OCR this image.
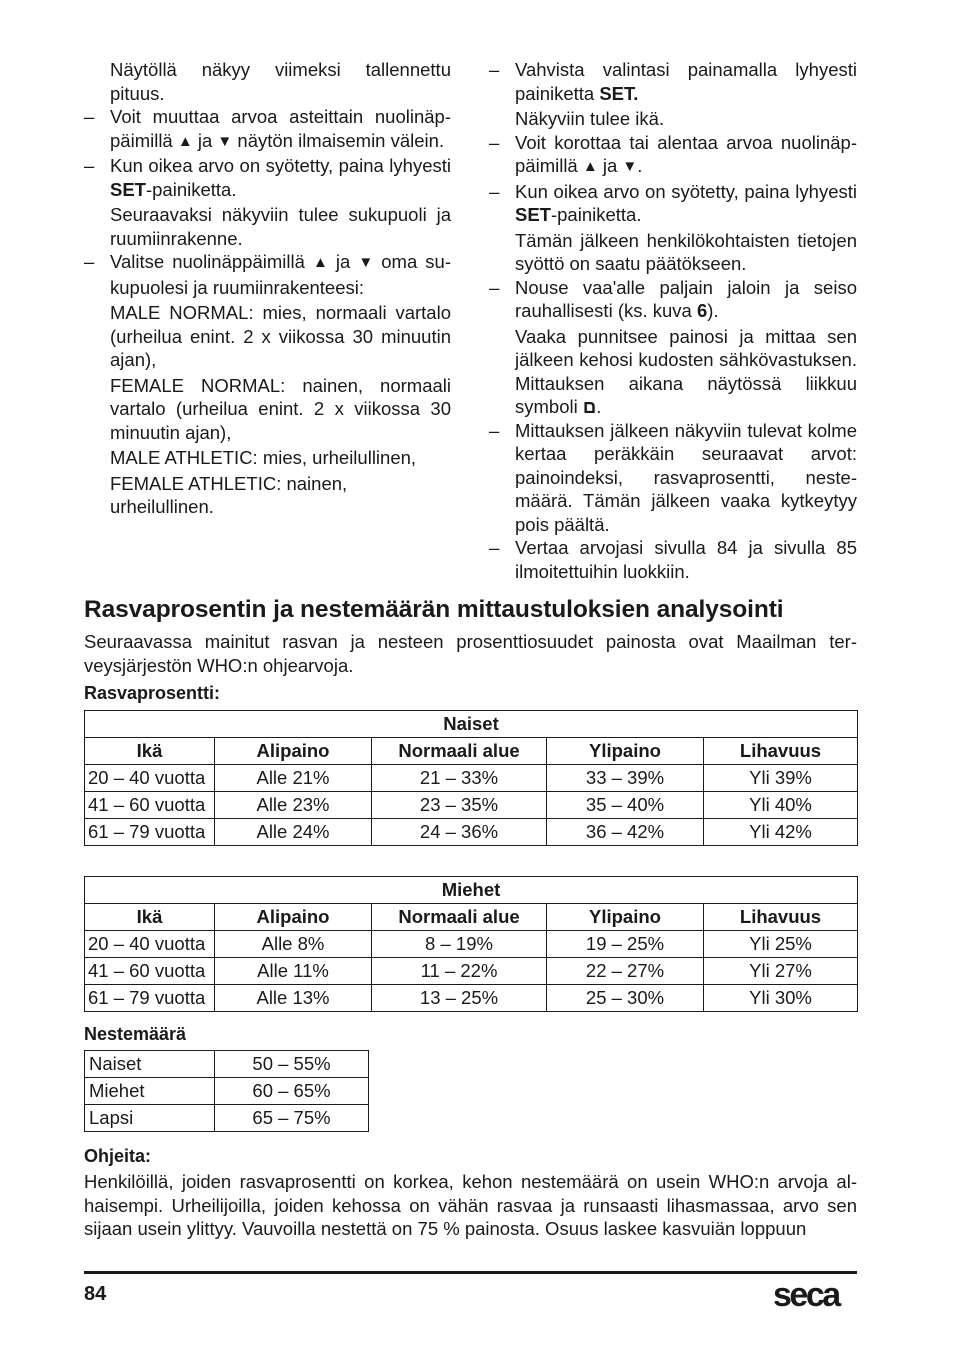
Näytöllä näkyy viimeksi tallennettu pituus.
– Voit muuttaa arvoa asteittain nuolinäppäimillä ▲ ja ▼ näytön ilmaisemin välein.
– Kun oikea arvo on syötetty, paina lyhyesti SET-painiketta.
Seuraavaksi näkyviin tulee sukupuoli ja ruumiinrakenne.
– Valitse nuolinäppäimillä ▲ ja ▼ oma sukupuolesi ja ruumiinrakenteesi:
MALE NORMAL: mies, normaali vartalo (urheilua enint. 2 x viikossa 30 minuutin ajan),
FEMALE NORMAL: nainen, normaali vartalo (urheilua enint. 2 x viikossa 30 minuutin ajan),
MALE ATHLETIC: mies, urheilullinen,
FEMALE ATHLETIC: nainen, urheilullinen.
– Vahvista valintasi painamalla lyhyesti painiketta SET.
Näkyviin tulee ikä.
– Voit korottaa tai alentaa arvoa nuolinäppäimillä ▲ ja ▼.
– Kun oikea arvo on syötetty, paina lyhyesti SET-painiketta.
Tämän jälkeen henkilökohtaisten tietojen syöttö on saatu päätökseen.
– Nouse vaa'alle paljain jaloin ja seiso rauhallisesti (ks. kuva 6).
Vaaka punnitsee painosi ja mittaa sen jälkeen kehosi kudosten sähkövastuksen. Mittauksen aikana näytössä liikkuu symboli ם.
– Mittauksen jälkeen näkyviin tulevat kolme kertaa peräkkäin seuraavat arvot: painoindeksi, rasvaprosentti, nestemäärä. Tämän jälkeen vaaka kytkeytyy pois päältä.
– Vertaa arvojasi sivulla 84 ja sivulla 85 ilmoitettuihin luokkiin.
Rasvaprosentin ja nestemäärän mittaustuloksien analysointi
Seuraavassa mainitut rasvan ja nesteen prosenttiosuudet painosta ovat Maailman terveysjärjestön WHO:n ohjearvoja.
Rasvaprosentti:
Naiset				
Ikä	Alipaino	Normaali alue	Ylipaino	Lihavuus
20 – 40 vuotta	Alle 21%	21 – 33%	33 – 39%	Yli 39%
41 – 60 vuotta	Alle 23%	23 – 35%	35 – 40%	Yli 40%
61 – 79 vuotta	Alle 24%	24 – 36%	36 – 42%	Yli 42%
Miehet				
Ikä	Alipaino	Normaali alue	Ylipaino	Lihavuus
20 – 40 vuotta	Alle 8%	8 – 19%	19 – 25%	Yli 25%
41 – 60 vuotta	Alle 11%	11 – 22%	22 – 27%	Yli 27%
61 – 79 vuotta	Alle 13%	13 – 25%	25 – 30%	Yli 30%
Nestemäärä
Naiset	50 – 55%
Miehet	60 – 65%
Lapsi	65 – 75%
Ohjeita:
Henkilöillä, joiden rasvaprosentti on korkea, kehon nestemäärä on usein WHO:n arvoja alhaisempi. Urheilijoilla, joiden kehossa on vähän rasvaa ja runsaasti lihasmassaa, arvo sen sijaan usein ylittyy. Vauvoilla nestettä on 75 % painosta. Osuus laskee kasvuiän loppuun
84	seca
